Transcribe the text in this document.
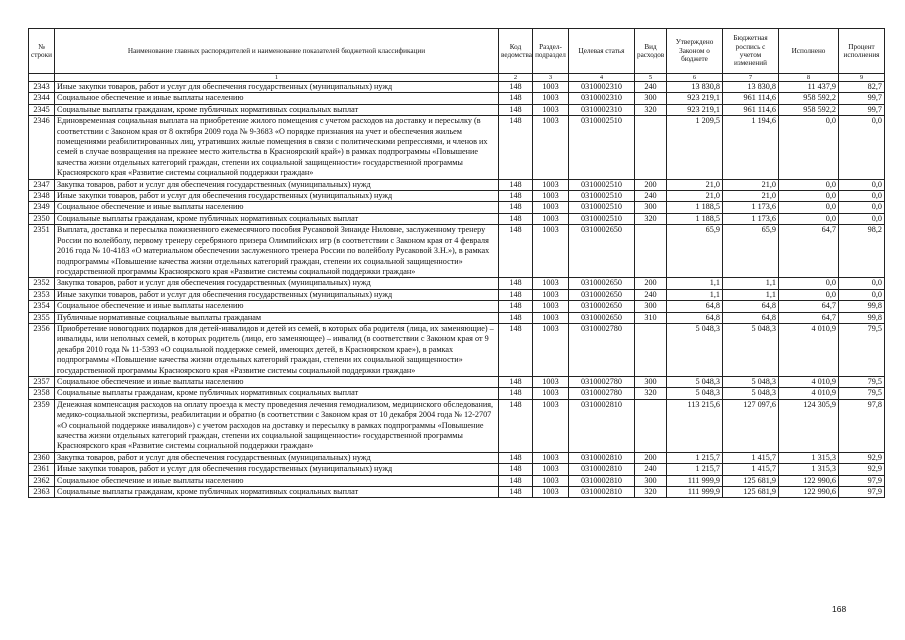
№ строки	Наименование главных распорядителей и наименование показателей бюджетной классификации	Код ведомства	Раздел-подраздел	Целевая статья	Вид расходов	Утверждено Законом о бюджете	Бюджетная роспись с учетом изменений	Исполнено	Процент исполнения
	1	2	3	4	5	6	7	8	9
2343	Иные закупки товаров, работ и услуг для обеспечения государственных (муниципальных) нужд	148	1003	0310002310	240	13 830,8	13 830,8	11 437,9	82,7
2344	Социальное обеспечение и иные выплаты населению	148	1003	0310002310	300	923 219,1	961 114,6	958 592,2	99,7
2345	Социальные выплаты гражданам, кроме публичных нормативных социальных выплат	148	1003	0310002310	320	923 219,1	961 114,6	958 592,2	99,7
2346	Единовременная социальная выплата на приобретение жилого помещения с учетом расходов на доставку и пересылку (в соответствии с Законом края от 8 октября 2009 года № 9-3683 «О порядке признания на учет и обеспечения жильем помещениями реабилитированных лиц, утративших жилые помещения в связи с политическими репрессиями, и членов их семей в случае возвращения на прежнее место жительства в Красноярский край») в рамках подпрограммы «Повышение качества жизни отдельных категорий граждан, степени их социальной защищенности» государственной программы Красноярского края «Развитие системы социальной поддержки граждан»	148	1003	0310002510		1 209,5	1 194,6	0,0	0,0
2347	Закупка товаров, работ и услуг для обеспечения государственных (муниципальных) нужд	148	1003	0310002510	200	21,0	21,0	0,0	0,0
2348	Иные закупки товаров, работ и услуг для обеспечения государственных (муниципальных) нужд	148	1003	0310002510	240	21,0	21,0	0,0	0,0
2349	Социальное обеспечение и иные выплаты населению	148	1003	0310002510	300	1 188,5	1 173,6	0,0	0,0
2350	Социальные выплаты гражданам, кроме публичных нормативных социальных выплат	148	1003	0310002510	320	1 188,5	1 173,6	0,0	0,0
2351	Выплата, доставка и пересылка пожизненного ежемесячного пособия Русаковой Зинаиде Ниловне, заслуженному тренеру России по волейболу, первому тренеру серебряного призера Олимпийских игр (в соответствии с Законом края от 4 февраля 2016 года № 10-4183 «О материальном обеспечении заслуженного тренера России по волейболу Русаковой З.Н.»), в рамках подпрограммы «Повышение качества жизни отдельных категорий граждан, степени их социальной защищенности» государственной программы Красноярского края «Развитие системы социальной поддержки граждан»	148	1003	0310002650		65,9	65,9	64,7	98,2
2352	Закупка товаров, работ и услуг для обеспечения государственных (муниципальных) нужд	148	1003	0310002650	200	1,1	1,1	0,0	0,0
2353	Иные закупки товаров, работ и услуг для обеспечения государственных (муниципальных) нужд	148	1003	0310002650	240	1,1	1,1	0,0	0,0
2354	Социальное обеспечение и иные выплаты населению	148	1003	0310002650	300	64,8	64,8	64,7	99,8
2355	Публичные нормативные социальные выплаты гражданам	148	1003	0310002650	310	64,8	64,8	64,7	99,8
2356	Приобретение новогодних подарков для детей-инвалидов и детей из семей, в которых оба родителя (лица, их заменяющие) – инвалиды, или неполных семей, в которых родитель (лицо, его заменяющее) – инвалид (в соответствии с Законом края от 9 декабря 2010 года № 11-5393 «О социальной поддержке семей, имеющих детей, в Красноярском крае»), в рамках подпрограммы «Повышение качества жизни отдельных категорий граждан, степени их социальной защищенности» государственной программы Красноярского края «Развитие системы социальной поддержки граждан»	148	1003	0310002780		5 048,3	5 048,3	4 010,9	79,5
2357	Социальное обеспечение и иные выплаты населению	148	1003	0310002780	300	5 048,3	5 048,3	4 010,9	79,5
2358	Социальные выплаты гражданам, кроме публичных нормативных социальных выплат	148	1003	0310002780	320	5 048,3	5 048,3	4 010,9	79,5
2359	Денежная компенсация расходов на оплату проезда к месту проведения лечения гемодиализом, медицинского обследования, медико-социальной экспертизы, реабилитации и обратно (в соответствии с Законом края от 10 декабря 2004 года № 12-2707 «О социальной поддержке инвалидов») с учетом расходов на доставку и пересылку в рамках подпрограммы «Повышение качества жизни отдельных категорий граждан, степени их социальной защищенности» государственной программы Красноярского края «Развитие системы социальной поддержки граждан»	148	1003	0310002810		113 215,6	127 097,6	124 305,9	97,8
2360	Закупка товаров, работ и услуг для обеспечения государственных (муниципальных) нужд	148	1003	0310002810	200	1 215,7	1 415,7	1 315,3	92,9
2361	Иные закупки товаров, работ и услуг для обеспечения государственных (муниципальных) нужд	148	1003	0310002810	240	1 215,7	1 415,7	1 315,3	92,9
2362	Социальное обеспечение и иные выплаты населению	148	1003	0310002810	300	111 999,9	125 681,9	122 990,6	97,9
2363	Социальные выплаты гражданам, кроме публичных нормативных социальных выплат	148	1003	0310002810	320	111 999,9	125 681,9	122 990,6	97,9
168
